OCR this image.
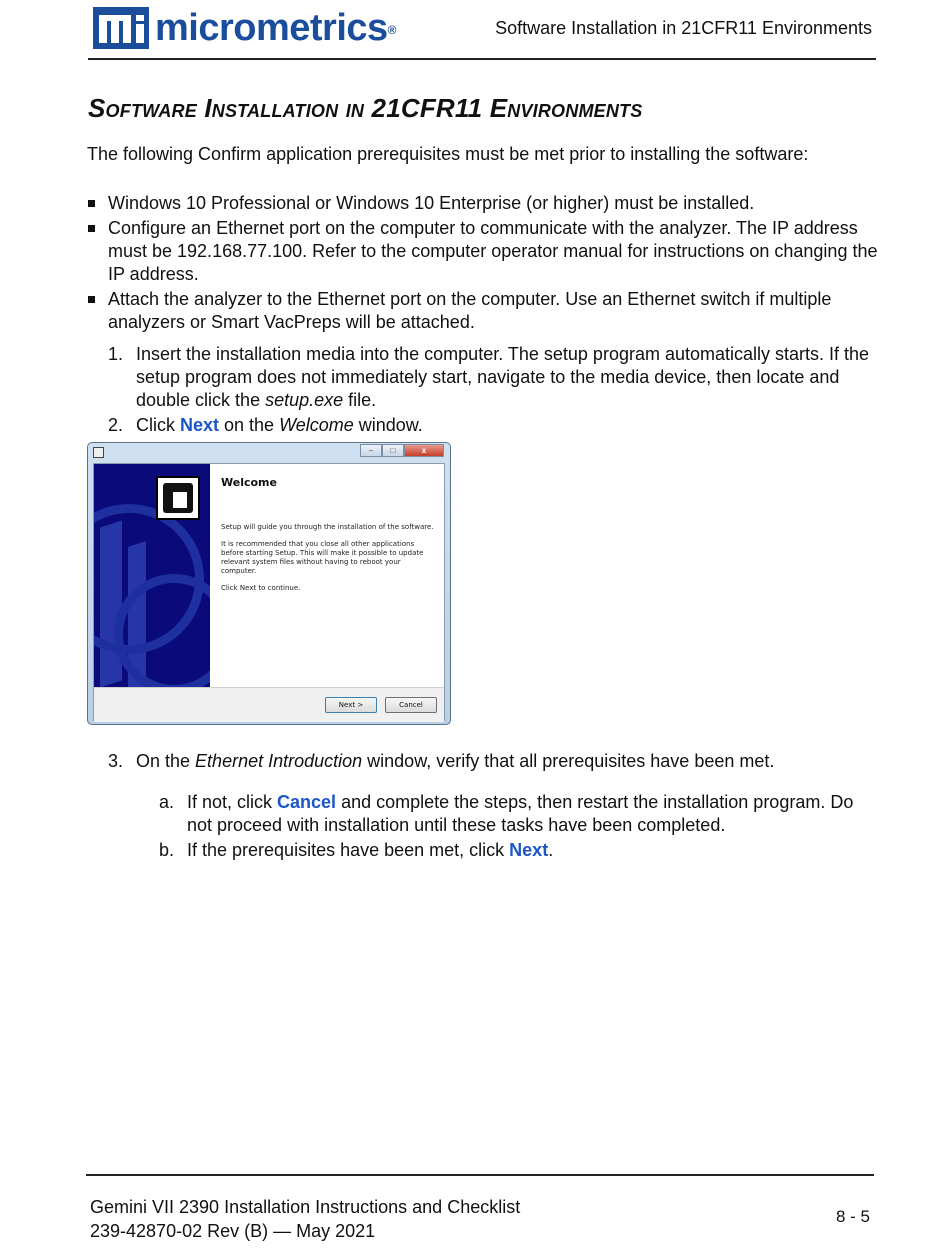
micrometrics®	Software Installation in 21CFR11 Environments
Software Installation in 21CFR11 Environments

The following Confirm application prerequisites must be met prior to installing the software:

Windows 10 Professional or Windows 10 Enterprise (or higher) must be installed.
Configure an Ethernet port on the computer to communicate with the analyzer. The IP address must be 192.168.77.100. Refer to the computer operator manual for instructions on changing the IP address.
Attach the analyzer to the Ethernet port on the computer. Use an Ethernet switch if multiple analyzers or Smart VacPreps will be attached.
1. Insert the installation media into the computer. The setup program automatically starts. If the setup program does not immediately start, navigate to the media device, then locate and double click the setup.exe file.
2. Click Next on the Welcome window.
–	□	x
Welcome

Setup will guide you through the installation of the software.

It is recommended that you close all other applications before starting Setup. This will make it possible to update relevant system files without having to reboot your computer.

Click Next to continue.

Next >	Cancel
3. On the Ethernet Introduction window, verify that all prerequisites have been met.
a. If not, click Cancel and complete the steps, then restart the installation program. Do not proceed with installation until these tasks have been completed.
b. If the prerequisites have been met, click Next.
Gemini VII 2390 Installation Instructions and Checklist
239-42870-02 Rev (B) — May 2021
8 - 5
